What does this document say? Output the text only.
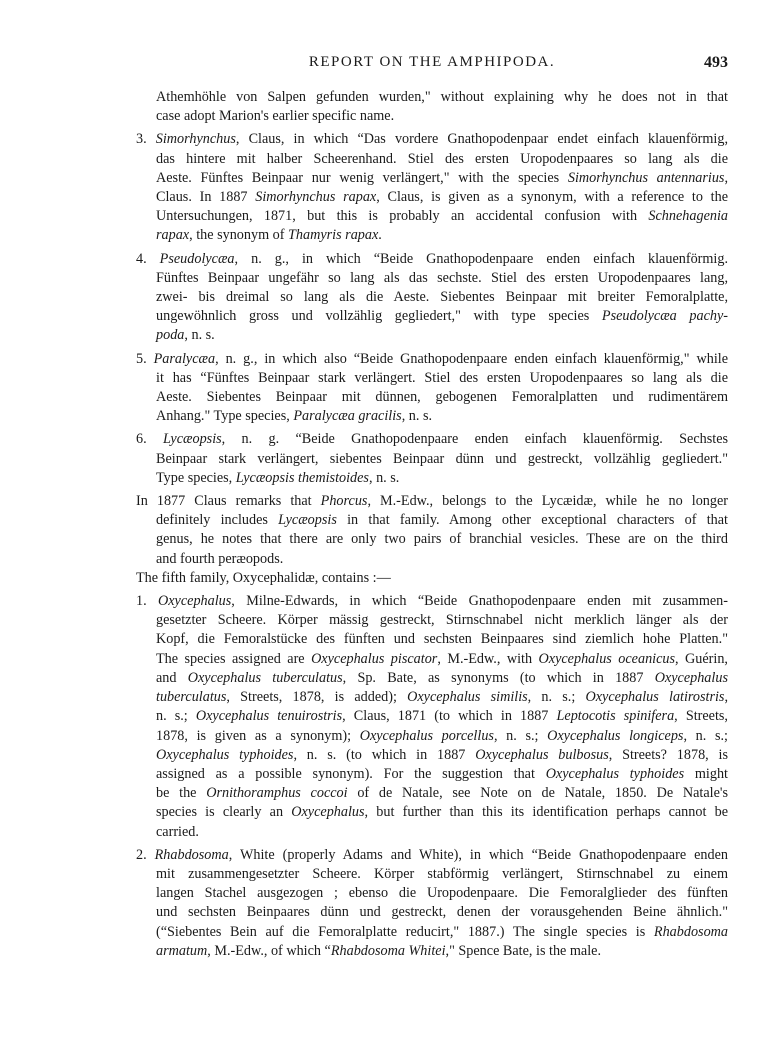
REPORT ON THE AMPHIPODA.	493
Athemhöhle von Salpen gefunden wurden," without explaining why he does not in that
case adopt Marion's earlier specific name.
3. Simorhynchus, Claus, in which “Das vordere Gnathopodenpaar endet einfach klauenförmig,
das hintere mit halber Scheerenhand. Stiel des ersten Uropodenpaares so lang als die
Aeste. Fünftes Beinpaar nur wenig verlängert," with the species Simorhynchus antennarius,
Claus. In 1887 Simorhynchus rapax, Claus, is given as a synonym, with a reference to the
Untersuchungen, 1871, but this is probably an accidental confusion with Schnehagenia
rapax, the synonym of Thamyris rapax.
4. Pseudolycæa, n. g., in which “Beide Gnathopodenpaare enden einfach klauenförmig.
Fünftes Beinpaar ungefähr so lang als das sechste. Stiel des ersten Uropodenpaares lang,
zwei- bis dreimal so lang als die Aeste. Siebentes Beinpaar mit breiter Femoralplatte,
ungewöhnlich gross und vollzählig gegliedert," with type species Pseudolycæa pachy-
poda, n. s.
5. Paralycæa, n. g., in which also “Beide Gnathopodenpaare enden einfach klauenförmig," while
it has “Fünftes Beinpaar stark verlängert. Stiel des ersten Uropodenpaares so lang als die
Aeste. Siebentes Beinpaar mit dünnen, gebogenen Femoralplatten und rudimentärem
Anhang." Type species, Paralycæa gracilis, n. s.
6. Lycæopsis, n. g. “Beide Gnathopodenpaare enden einfach klauenförmig. Sechstes
Beinpaar stark verlängert, siebentes Beinpaar dünn und gestreckt, vollzählig gegliedert."
Type species, Lycæopsis themistoides, n. s.
In 1877 Claus remarks that Phorcus, M.-Edw., belongs to the Lycæidæ, while he no longer
definitely includes Lycæopsis in that family. Among other exceptional characters of that
genus, he notes that there are only two pairs of branchial vesicles. These are on the third
and fourth peræopods.
The fifth family, Oxycephalidæ, contains :—
1. Oxycephalus, Milne-Edwards, in which “Beide Gnathopodenpaare enden mit zusammen-
gesetzter Scheere. Körper mässig gestreckt, Stirnschnabel nicht merklich länger als der
Kopf, die Femoralstücke des fünften und sechsten Beinpaares sind ziemlich hohe Platten."
The species assigned are Oxycephalus piscator, M.-Edw., with Oxycephalus oceanicus, Guérin,
and Oxycephalus tuberculatus, Sp. Bate, as synonyms (to which in 1887 Oxycephalus
tuberculatus, Streets, 1878, is added); Oxycephalus similis, n. s.; Oxycephalus latirostris,
n. s.; Oxycephalus tenuirostris, Claus, 1871 (to which in 1887 Leptocotis spinifera, Streets,
1878, is given as a synonym); Oxycephalus porcellus, n. s.; Oxycephalus longiceps, n. s.;
Oxycephalus typhoides, n. s. (to which in 1887 Oxycephalus bulbosus, Streets? 1878, is
assigned as a possible synonym). For the suggestion that Oxycephalus typhoides might
be the Ornithoramphus coccoi of de Natale, see Note on de Natale, 1850. De Natale's
species is clearly an Oxycephalus, but further than this its identification perhaps cannot be
carried.
2. Rhabdosoma, White (properly Adams and White), in which “Beide Gnathopodenpaare enden
mit zusammengesetzter Scheere. Körper stabförmig verlängert, Stirnschnabel zu einem
langen Stachel ausgezogen ; ebenso die Uropodenpaare. Die Femoralglieder des fünften
und sechsten Beinpaares dünn und gestreckt, denen der vorausgehenden Beine ähnlich."
(“Siebentes Bein auf die Femoralplatte reducirt," 1887.) The single species is Rhabdosoma
armatum, M.-Edw., of which “Rhabdosoma Whitei," Spence Bate, is the male.
